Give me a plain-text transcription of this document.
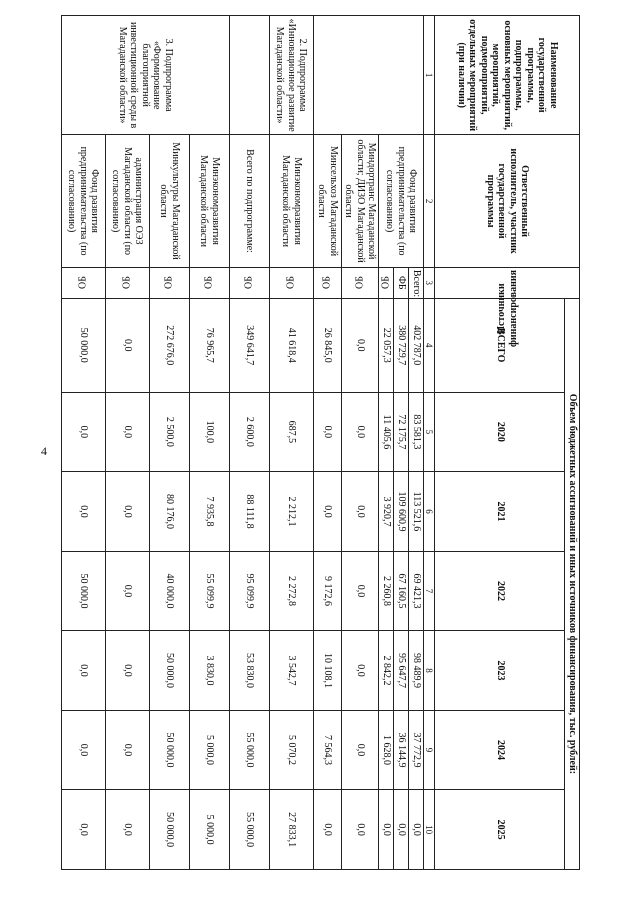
4
Наименование государственной программы, подпрограммы, основных мероприятий, мероприятий, подмероприятий, отдельных мероприятий (при наличии)	Ответственный исполнитель, участник государственной программы	Источники финансирования	Объем бюджетных ассигнований и иных источников финансирования, тыс. рублей:						
			ВСЕГО	2020	2021	2022	2023	2024	2025
1	2	3	4	5	6	7	8	9	10
	Фонд развития предпринимательства (по согласованию)	Всего:	402 787,0	83 581,3	113 521,6	69 421,3	98 489,9	37 772,9	0,0
		ФБ	380 729,7	72 175,7	109 600,9	67 160,5	95 647,7	36 144,9	0,0
		ОБ	22 057,3	11 405,6	3 920,7	2 260,8	2 842,2	1 628,0	0,0
	Миндортранс Магаданской области; ДИЗО Магаданской области	ОБ	0,0	0,0	0,0	0,0	0,0	0,0	0,0
	Минсельхоз Магаданской области	ОБ	26 845,0	0,0	0,0	9 172,6	10 108,1	7 564,3	0,0
2. Подпрограмма «Инновационное развитие Магаданской области»	Минэкономразвития Магаданской области	ОБ	41 618,4	687,5	2 212,1	2 272,8	3 542,7	5 070,2	27 833,1
	Всего по подпрограмме:	ОБ	349 641,7	2 600,0	88 111,8	95 099,9	53 830,0	55 000,0	55 000,0
3. Подпрограмма «Формирование благоприятной инвестиционной среды в Магаданской области»	Минэкономразвития Магаданской области	ОБ	76 965,7	100,0	7 935,8	55 099,9	3 830,0	5 000,0	5 000,0
	Минкультуры Магаданской области	ОБ	272 676,0	2 500,0	80 176,0	40 000,0	50 000,0	50 000,0	50 000,0
	администрация ОЭЗ Магаданской области (по согласованию)	ОБ	0,0	0,0	0,0	0,0	0,0	0,0	0,0
	Фонд развития предпринимательства (по согласованию)	ОБ	50 000,0	0,0	0,0	50 000,0	0,0	0,0	0,0
